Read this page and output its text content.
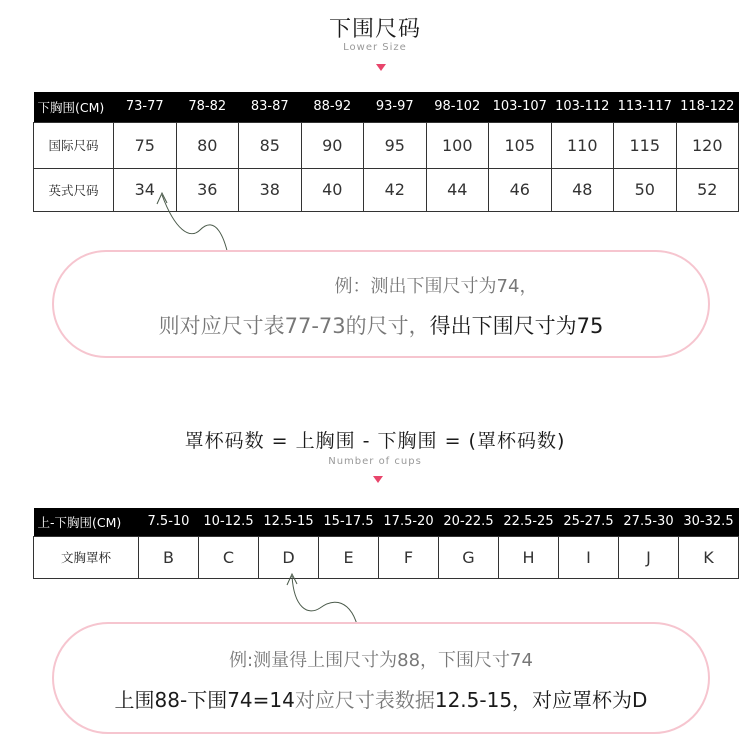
下围尺码
Lower Size
下胸围(CM)	73-77	78-82	83-87	88-92	93-97	98-102	103-107	103-112	113-117	118-122
国际尺码	75	80	85	90	95	100	105	110	115	120
英式尺码	34	36	38	40	42	44	46	48	50	52
例：测出下围尺寸为74，
则对应尺寸表77-73的尺寸，得出下围尺寸为75
罩杯码数 = 上胸围 - 下胸围 = (罩杯码数)
Number of cups
上-下胸围(CM)	7.5-10	10-12.5	12.5-15	15-17.5	17.5-20	20-22.5	22.5-25	25-27.5	27.5-30	30-32.5
文胸罩杯	B	C	D	E	F	G	H	I	J	K
例:测量得上围尺寸为88，下围尺寸74
上围88-下围74=14对应尺寸表数据12.5-15，对应罩杯为D
